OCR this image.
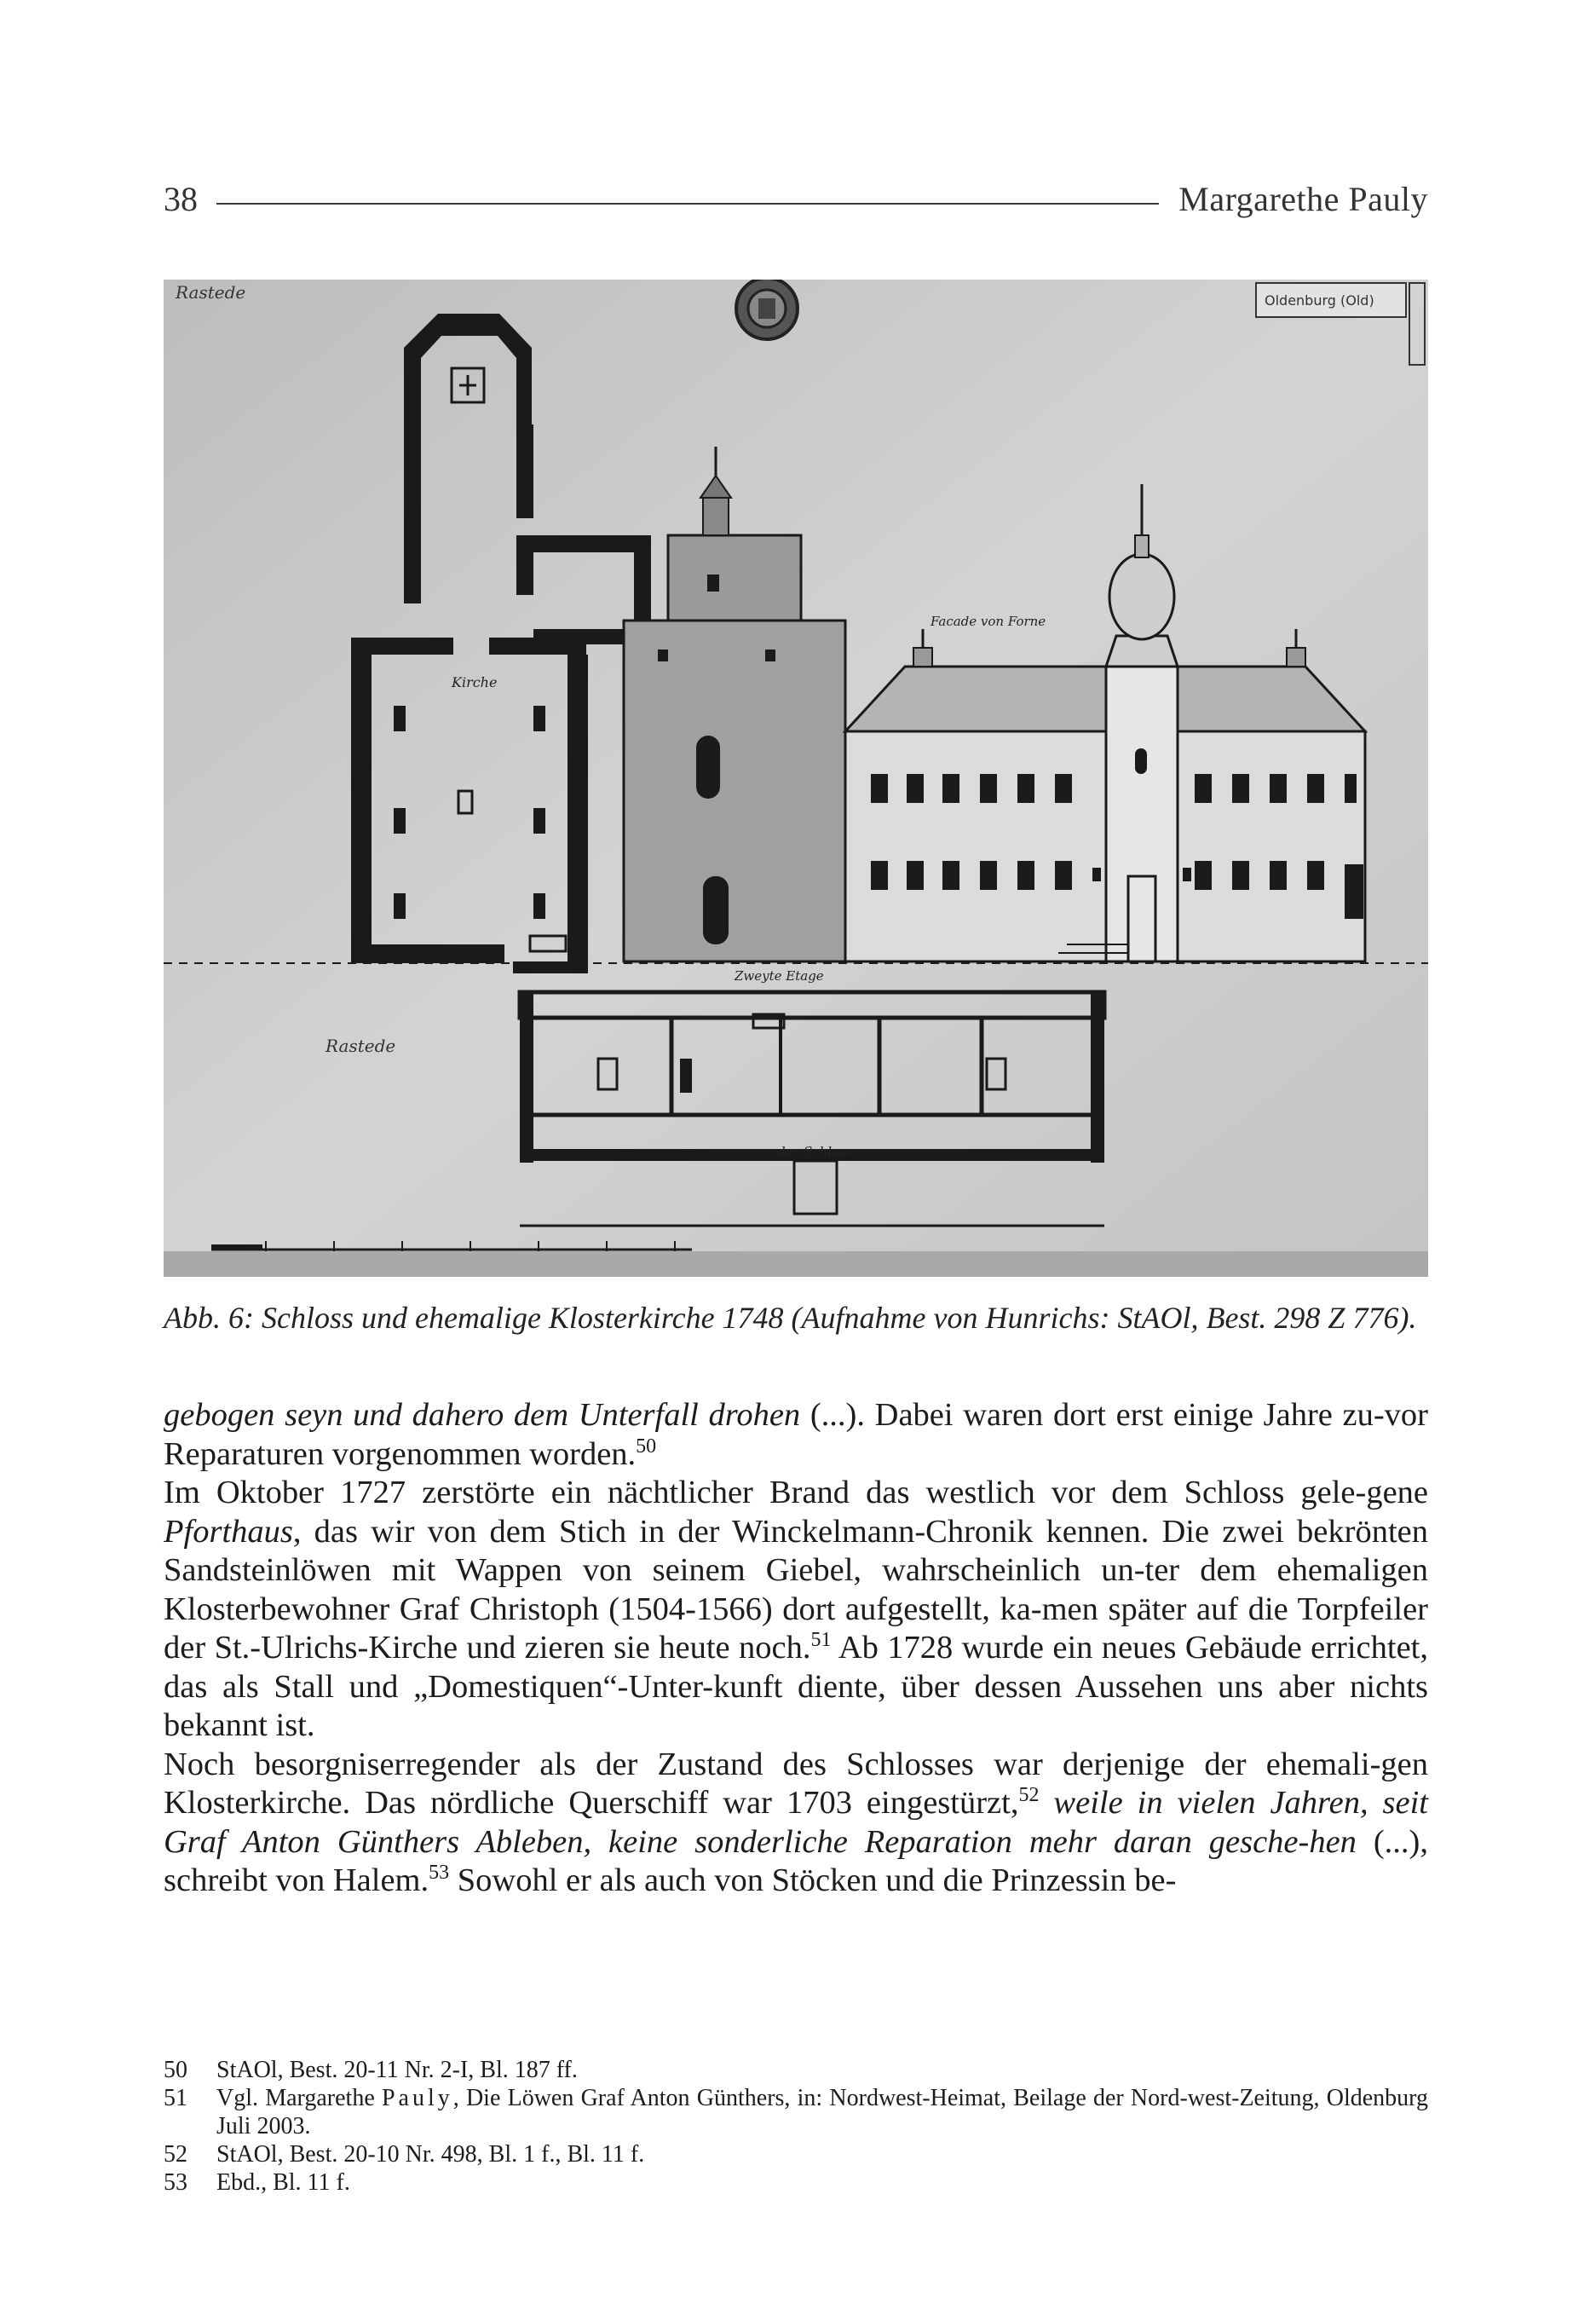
38	Margarethe Pauly
Rastede	Oldenburg (Old)
Kirche
Zweyte Etage
des Schloss
Rastede
Facade von Forne
Abb. 6: Schloss und ehemalige Klosterkirche 1748 (Aufnahme von Hunrichs: StAOl, Best. 298 Z 776).

gebogen seyn und dahero dem Unterfall drohen (...). Dabei waren dort erst einige Jahre zu-vor Reparaturen vorgenommen worden.$^{50}$

Im Oktober 1727 zerstörte ein nächtlicher Brand das westlich vor dem Schloss gele-gene Pforthaus, das wir von dem Stich in der Winckelmann-Chronik kennen. Die zwei bekrönten Sandsteinlöwen mit Wappen von seinem Giebel, wahrscheinlich un-ter dem ehemaligen Klosterbewohner Graf Christoph (1504-1566) dort aufgestellt, ka-men später auf die Torpfeiler der St.-Ulrichs-Kirche und zieren sie heute noch.$^{51}$ Ab 1728 wurde ein neues Gebäude errichtet, das als Stall und „Domestiquen“-Unter-kunft diente, über dessen Aussehen uns aber nichts bekannt ist.

Noch besorgniserregender als der Zustand des Schlosses war derjenige der ehemali-gen Klosterkirche. Das nördliche Querschiff war 1703 eingestürzt,$^{52}$ weile in vielen Jahren, seit Graf Anton Günthers Ableben, keine sonderliche Reparation mehr daran gesche-hen (...), schreibt von Halem.$^{53}$ Sowohl er als auch von Stöcken und die Prinzessin be-

50	StAOl, Best. 20-11 Nr. 2-I, Bl. 187 ff.
51	Vgl. Margarethe Pauly, Die Löwen Graf Anton Günthers, in: Nordwest-Heimat, Beilage der Nord-west-Zeitung, Oldenburg Juli 2003.
52	StAOl, Best. 20-10 Nr. 498, Bl. 1 f., Bl. 11 f.
53	Ebd., Bl. 11 f.
